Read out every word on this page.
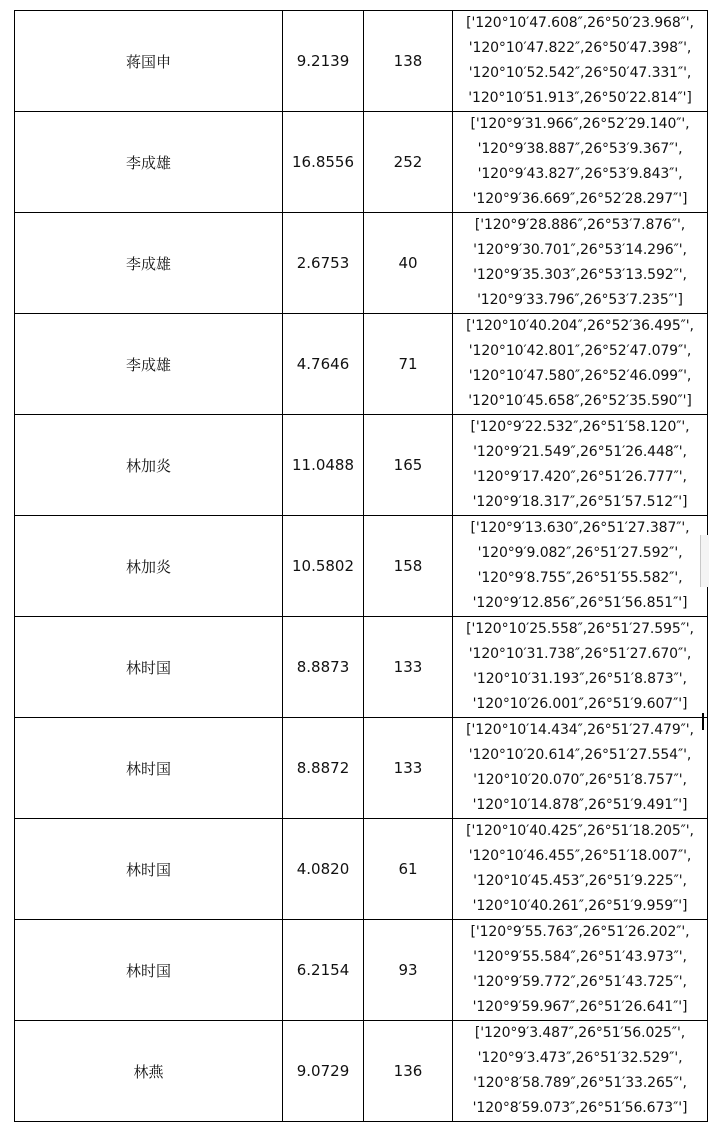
蒋国申	9.2139	138	['120°10′47.608″,26°50′23.968″',
'120°10′47.822″,26°50′47.398″',
'120°10′52.542″,26°50′47.331″',
'120°10′51.913″,26°50′22.814″']

李成雄	16.8556	252	['120°9′31.966″,26°52′29.140″',
'120°9′38.887″,26°53′9.367″',
'120°9′43.827″,26°53′9.843″',
'120°9′36.669″,26°52′28.297″']

李成雄	2.6753	40	['120°9′28.886″,26°53′7.876″',
'120°9′30.701″,26°53′14.296″',
'120°9′35.303″,26°53′13.592″',
'120°9′33.796″,26°53′7.235″']

李成雄	4.7646	71	['120°10′40.204″,26°52′36.495″',
'120°10′42.801″,26°52′47.079″',
'120°10′47.580″,26°52′46.099″',
'120°10′45.658″,26°52′35.590″']

林加炎	11.0488	165	['120°9′22.532″,26°51′58.120″',
'120°9′21.549″,26°51′26.448″',
'120°9′17.420″,26°51′26.777″',
'120°9′18.317″,26°51′57.512″']

林加炎	10.5802	158	['120°9′13.630″,26°51′27.387″',
'120°9′9.082″,26°51′27.592″',
'120°9′8.755″,26°51′55.582″',
'120°9′12.856″,26°51′56.851″']

林时国	8.8873	133	['120°10′25.558″,26°51′27.595″',
'120°10′31.738″,26°51′27.670″',
'120°10′31.193″,26°51′8.873″',
'120°10′26.001″,26°51′9.607″']

林时国	8.8872	133	['120°10′14.434″,26°51′27.479″',
'120°10′20.614″,26°51′27.554″',
'120°10′20.070″,26°51′8.757″',
'120°10′14.878″,26°51′9.491″']

林时国	4.0820	61	['120°10′40.425″,26°51′18.205″',
'120°10′46.455″,26°51′18.007″',
'120°10′45.453″,26°51′9.225″',
'120°10′40.261″,26°51′9.959″']

林时国	6.2154	93	['120°9′55.763″,26°51′26.202″',
'120°9′55.584″,26°51′43.973″',
'120°9′59.772″,26°51′43.725″',
'120°9′59.967″,26°51′26.641″']

林燕	9.0729	136	['120°9′3.487″,26°51′56.025″',
'120°9′3.473″,26°51′32.529″',
'120°8′58.789″,26°51′33.265″',
'120°8′59.073″,26°51′56.673″']
